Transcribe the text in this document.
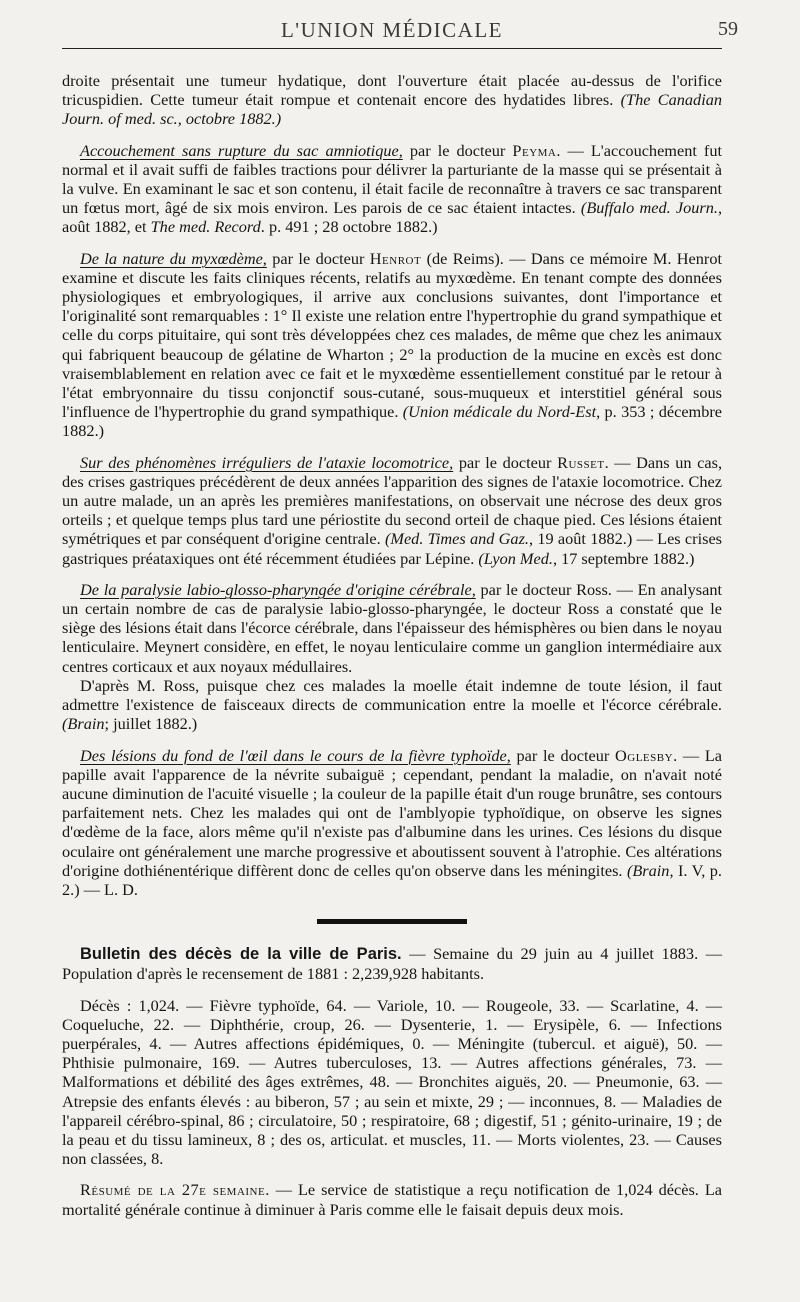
L'UNION MÉDICALE	59

droite présentait une tumeur hydatique, dont l'ouverture était placée au-dessus de l'orifice tricuspidien. Cette tumeur était rompue et contenait encore des hydatides libres. (The Canadian Journ. of med. sc., octobre 1882.)

Accouchement sans rupture du sac amniotique, par le docteur Peyma. — L'accouchement fut normal et il avait suffi de faibles tractions pour délivrer la parturiante de la masse qui se présentait à la vulve. En examinant le sac et son contenu, il était facile de reconnaître à travers ce sac transparent un fœtus mort, âgé de six mois environ. Les parois de ce sac étaient intactes. (Buffalo med. Journ., août 1882, et The med. Record. p. 491 ; 28 octobre 1882.)

De la nature du myxœdème, par le docteur Henrot (de Reims). — Dans ce mémoire M. Henrot examine et discute les faits cliniques récents, relatifs au myxœdème. En tenant compte des données physiologiques et embryologiques, il arrive aux conclusions suivantes, dont l'importance et l'originalité sont remarquables : 1° Il existe une relation entre l'hypertrophie du grand sympathique et celle du corps pituitaire, qui sont très développées chez ces malades, de même que chez les animaux qui fabriquent beaucoup de gélatine de Wharton ; 2° la production de la mucine en excès est donc vraisemblablement en relation avec ce fait et le myxœdème essentiellement constitué par le retour à l'état embryonnaire du tissu conjonctif sous-cutané, sous-muqueux et interstitiel général sous l'influence de l'hypertrophie du grand sympathique. (Union médicale du Nord-Est, p. 353 ; décembre 1882.)

Sur des phénomènes irréguliers de l'ataxie locomotrice, par le docteur Russet. — Dans un cas, des crises gastriques précédèrent de deux années l'apparition des signes de l'ataxie locomotrice. Chez un autre malade, un an après les premières manifestations, on observait une nécrose des deux gros orteils ; et quelque temps plus tard une périostite du second orteil de chaque pied. Ces lésions étaient symétriques et par conséquent d'origine centrale. (Med. Times and Gaz., 19 août 1882.) — Les crises gastriques préataxiques ont été récemment étudiées par Lépine. (Lyon Med., 17 septembre 1882.)

De la paralysie labio-glosso-pharyngée d'origine cérébrale, par le docteur Ross. — En analysant un certain nombre de cas de paralysie labio-glosso-pharyngée, le docteur Ross a constaté que le siège des lésions était dans l'écorce cérébrale, dans l'épaisseur des hémisphères ou bien dans le noyau lenticulaire. Meynert considère, en effet, le noyau lenticulaire comme un ganglion intermédiaire aux centres corticaux et aux noyaux médullaires.

D'après M. Ross, puisque chez ces malades la moelle était indemne de toute lésion, il faut admettre l'existence de faisceaux directs de communication entre la moelle et l'écorce cérébrale. (Brain; juillet 1882.)

Des lésions du fond de l'œil dans le cours de la fièvre typhoïde, par le docteur Oglesby. — La papille avait l'apparence de la névrite subaiguë ; cependant, pendant la maladie, on n'avait noté aucune diminution de l'acuité visuelle ; la couleur de la papille était d'un rouge brunâtre, ses contours parfaitement nets. Chez les malades qui ont de l'amblyopie typhoïdique, on observe les signes d'œdème de la face, alors même qu'il n'existe pas d'albumine dans les urines. Ces lésions du disque oculaire ont généralement une marche progressive et aboutissent souvent à l'atrophie. Ces altérations d'origine dothiénentérique diffèrent donc de celles qu'on observe dans les méningites. (Brain, I. V, p. 2.) — L. D.

Bulletin des décès de la ville de Paris. — Semaine du 29 juin au 4 juillet 1883. — Population d'après le recensement de 1881 : 2,239,928 habitants.

Décès : 1,024. — Fièvre typhoïde, 64. — Variole, 10. — Rougeole, 33. — Scarlatine, 4. — Coqueluche, 22. — Diphthérie, croup, 26. — Dysenterie, 1. — Erysipèle, 6. — Infections puerpérales, 4. — Autres affections épidémiques, 0. — Méningite (tubercul. et aiguë), 50. — Phthisie pulmonaire, 169. — Autres tuberculoses, 13. — Autres affections générales, 73. — Malformations et débilité des âges extrêmes, 48. — Bronchites aiguës, 20. — Pneumonie, 63. — Atrepsie des enfants élevés : au biberon, 57 ; au sein et mixte, 29 ; — inconnues, 8. — Maladies de l'appareil cérébro-spinal, 86 ; circulatoire, 50 ; respiratoire, 68 ; digestif, 51 ; génito-urinaire, 19 ; de la peau et du tissu lamineux, 8 ; des os, articulat. et muscles, 11. — Morts violentes, 23. — Causes non classées, 8.

Résumé de la 27e semaine. — Le service de statistique a reçu notification de 1,024 décès. La mortalité générale continue à diminuer à Paris comme elle le faisait depuis deux mois.
